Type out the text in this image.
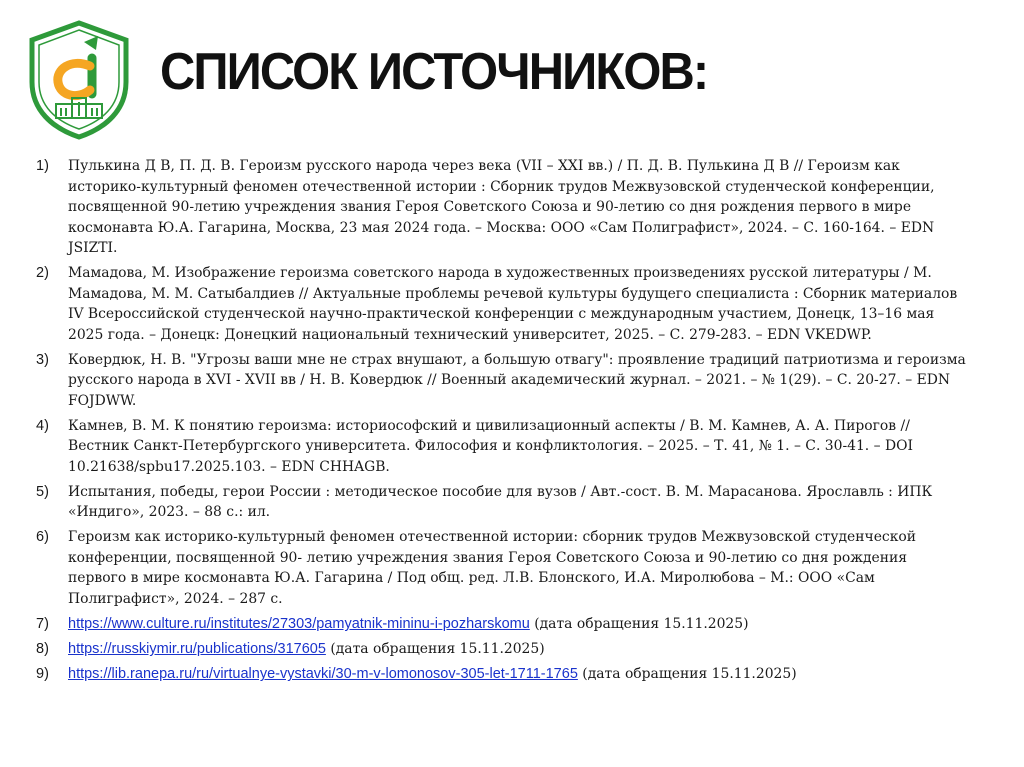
СПИСОК ИСТОЧНИКОВ:
1) Пулькина Д В, П. Д. В. Героизм русского народа через века (VII – XXI вв.) / П. Д. В. Пулькина Д В // Героизм как историко-культурный феномен отечественной истории : Сборник трудов Межвузовской студенческой конференции, посвященной 90-летию учреждения звания Героя Советского Союза и 90-летию со дня рождения первого в мире космонавта Ю.А. Гагарина, Москва, 23 мая 2024 года. – Москва: ООО «Сам Полиграфист», 2024. – С. 160-164. – EDN JSIZTI.
2) Мамадова, М. Изображение героизма советского народа в художественных произведениях русской литературы / М. Мамадова, М. М. Сатыбалдиев // Актуальные проблемы речевой культуры будущего специалиста : Сборник материалов IV Всероссийской студенческой научно-практической конференции с международным участием, Донецк, 13–16 мая 2025 года. – Донецк: Донецкий национальный технический университет, 2025. – С. 279-283. – EDN VKEDWP.
3) Ковердюк, Н. В. "Угрозы ваши мне не страх внушают, а большую отвагу": проявление традиций патриотизма и героизма русского народа в XVI - XVII вв / Н. В. Ковердюк // Военный академический журнал. – 2021. – № 1(29). – С. 20-27. – EDN FOJDWW.
4) Камнев, В. М. К понятию героизма: историософский и цивилизационный аспекты / В. М. Камнев, А. А. Пирогов // Вестник Санкт-Петербургского университета. Философия и конфликтология. – 2025. – Т. 41, № 1. – С. 30-41. – DOI 10.21638/spbu17.2025.103. – EDN CHHAGB.
5) Испытания, победы, герои России : методическое пособие для вузов / Авт.-сост. В. М. Марасанова. Ярославль : ИПК «Индиго», 2023. – 88 с.: ил.
6) Героизм как историко-культурный феномен отечественной истории: сборник трудов Межвузовской студенческой конференции, посвященной 90- летию учреждения звания Героя Советского Союза и 90-летию со дня рождения первого в мире космонавта Ю.А. Гагарина / Под общ. ред. Л.В. Блонского, И.А. Миролюбова – М.: ООО «Сам Полиграфист», 2024. – 287 с.
7) https://www.culture.ru/institutes/27303/pamyatnik-mininu-i-pozharskomu (дата обращения 15.11.2025)
8) https://russkiymir.ru/publications/317605 (дата обращения 15.11.2025)
9) https://lib.ranepa.ru/ru/virtualnye-vystavki/30-m-v-lomonosov-305-let-1711-1765 (дата обращения 15.11.2025)
